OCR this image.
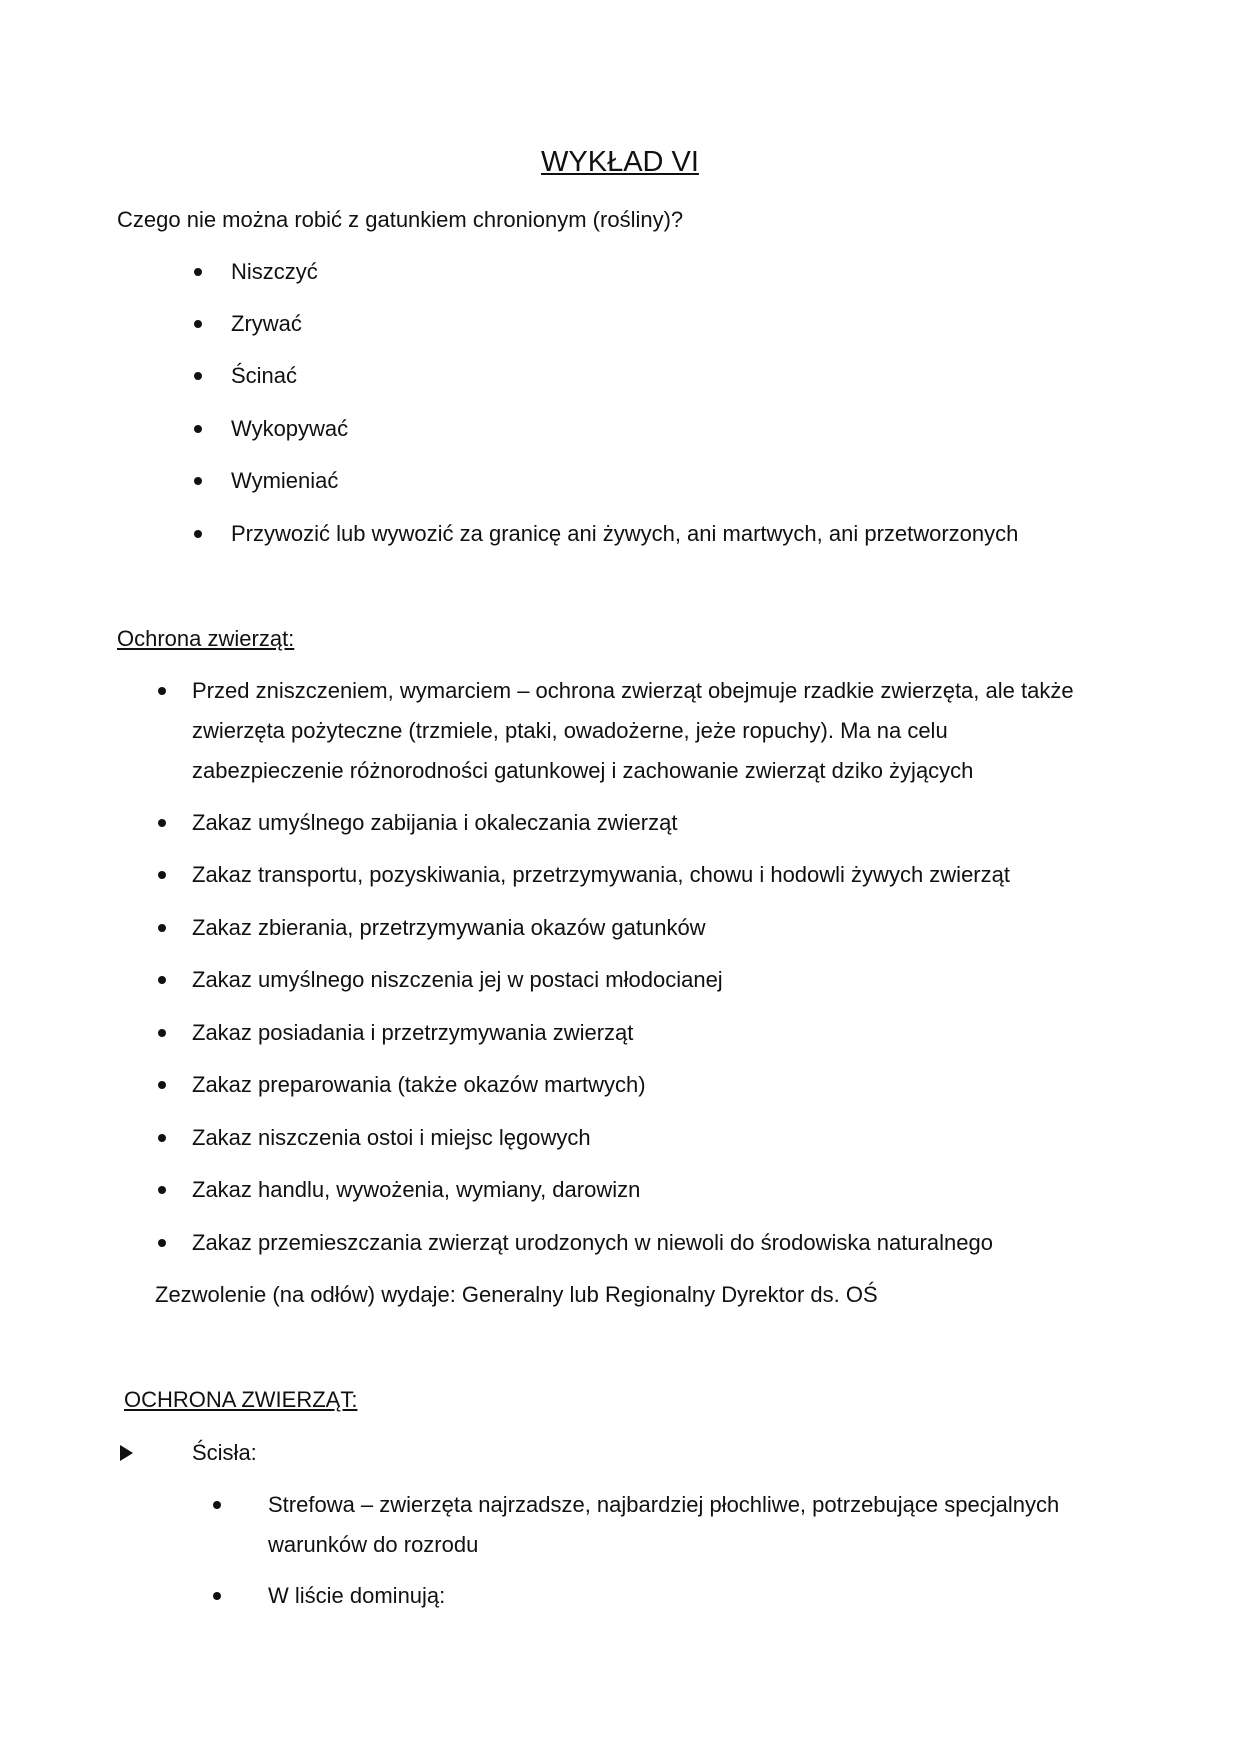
WYKŁAD VI
Czego nie można robić z gatunkiem chronionym (rośliny)?
Niszczyć
Zrywać
Ścinać
Wykopywać
Wymieniać
Przywozić lub wywozić za granicę ani żywych, ani martwych, ani przetworzonych
Ochrona zwierząt:
Przed zniszczeniem, wymarciem – ochrona zwierząt obejmuje rzadkie zwierzęta, ale także
zwierzęta pożyteczne (trzmiele, ptaki, owadożerne, jeże ropuchy). Ma na celu
zabezpieczenie różnorodności gatunkowej i zachowanie zwierząt dziko żyjących
Zakaz umyślnego zabijania i okaleczania zwierząt
Zakaz transportu, pozyskiwania, przetrzymywania, chowu i hodowli żywych zwierząt
Zakaz zbierania, przetrzymywania okazów gatunków
Zakaz umyślnego niszczenia jej w postaci młodocianej
Zakaz posiadania i przetrzymywania zwierząt
Zakaz preparowania (także okazów martwych)
Zakaz niszczenia ostoi i miejsc lęgowych
Zakaz handlu, wywożenia, wymiany, darowizn
Zakaz przemieszczania zwierząt urodzonych w niewoli do środowiska naturalnego
Zezwolenie (na odłów) wydaje: Generalny lub Regionalny Dyrektor ds. OŚ
OCHRONA ZWIERZĄT:
Ścisła:
Strefowa – zwierzęta najrzadsze, najbardziej płochliwe, potrzebujące specjalnych
warunków do rozrodu
W liście dominują:
